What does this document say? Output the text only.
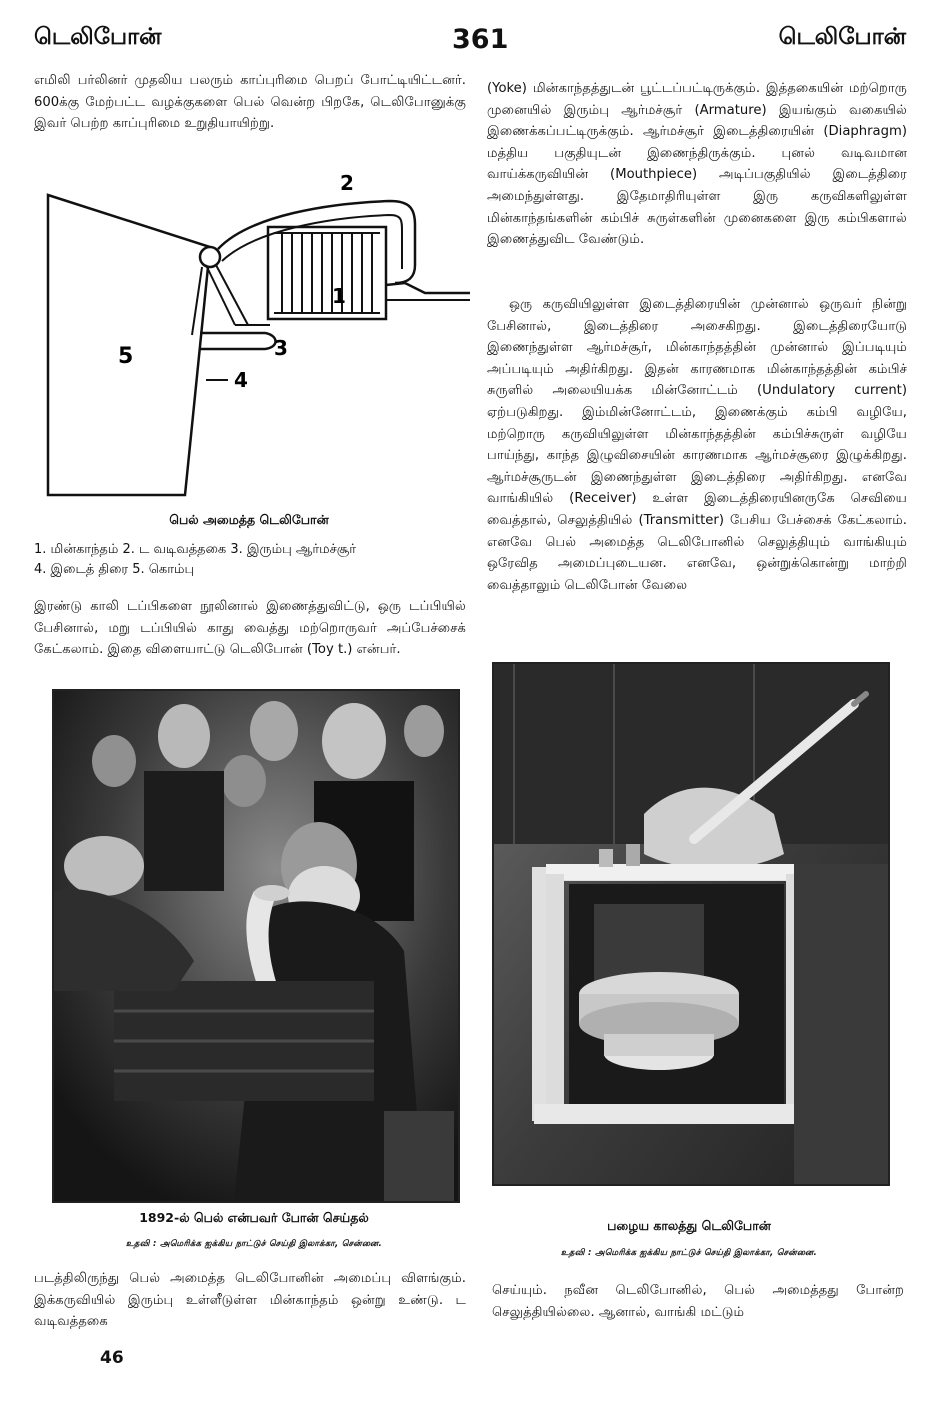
டெலிபோன்	361	டெலிபோன்

எமிலி பர்லினர் முதலிய பலரும் காப்புரிமை பெறப் போட்டியிட்டனர். 600க்கு மேற்பட்ட வழக்குகளை பெல் வென்ற பிறகே, டெலிபோனுக்கு இவர் பெற்ற காப்புரிமை உறுதியாயிற்று.

2
1
3
4
5
பெல் அமைத்த டெலிபோன்
1. மின்காந்தம் 2. ட வடிவத்தகை 3. இரும்பு ஆர்மச்சூர்
4. இடைத் திரை 5. கொம்பு

இரண்டு காலி டப்பிகளை நூலினால் இணைத்துவிட்டு, ஒரு டப்பியில் பேசினால், மறு டப்பியில் காது வைத்து மற்றொருவர் அப்பேச்சைக் கேட்கலாம். இதை விளையாட்டு டெலிபோன் (Toy t.) என்பர்.

1892-ல் பெல் என்பவர் போன் செய்தல்
உதவி : அமெரிக்க ஐக்கிய நாட்டுச் செய்தி இலாக்கா, சென்னை.

படத்திலிருந்து பெல் அமைத்த டெலிபோனின் அமைப்பு விளங்கும். இக்கருவியில் இரும்பு உள்ளீடுள்ள மின்காந்தம் ஒன்று உண்டு. ட வடிவத்தகை

(Yoke) மின்காந்தத்துடன் பூட்டப்பட்டிருக்கும். இத்தகையின் மற்றொரு முனையில் இரும்பு ஆர்மச்சூர் (Armature) இயங்கும் வகையில் இணைக்கப்பட்டிருக்கும். ஆர்மச்சூர் இடைத்திரையின் (Diaphragm) மத்திய பகுதியுடன் இணைந்திருக்கும். புனல் வடிவமான வாய்க்கருவியின் (Mouthpiece) அடிப்பகுதியில் இடைத்திரை அமைந்துள்ளது. இதேமாதிரியுள்ள இரு கருவிகளிலுள்ள மின்காந்தங்களின் கம்பிச் சுருள்களின் முனைகளை இரு கம்பிகளால் இணைத்துவிட வேண்டும்.

ஒரு கருவியிலுள்ள இடைத்திரையின் முன்னால் ஒருவர் நின்று பேசினால், இடைத்திரை அசைகிறது. இடைத்திரையோடு இணைந்துள்ள ஆர்மச்சூர், மின்காந்தத்தின் முன்னால் இப்படியும் அப்படியும் அதிர்கிறது. இதன் காரணமாக மின்காந்தத்தின் கம்பிச் சுருளில் அலையியக்க மின்னோட்டம் (Undulatory current) ஏற்படுகிறது. இம்மின்னோட்டம், இணைக்கும் கம்பி வழியே, மற்றொரு கருவியிலுள்ள மின்காந்தத்தின் கம்பிச்சுருள் வழியே பாய்ந்து, காந்த இழுவிசையின் காரணமாக ஆர்மச்சூரை இழுக்கிறது. ஆர்மச்சூருடன் இணைந்துள்ள இடைத்திரை அதிர்கிறது. எனவே வாங்கியில் (Receiver) உள்ள இடைத்திரையினருகே செவியை வைத்தால், செலுத்தியில் (Transmitter) பேசிய பேச்சைக் கேட்கலாம். எனவே பெல் அமைத்த டெலிபோனில் செலுத்தியும் வாங்கியும் ஒரேவித அமைப்புடையன. எனவே, ஒன்றுக்கொன்று மாற்றி வைத்தாலும் டெலிபோன் வேலை

பழைய காலத்து டெலிபோன்
உதவி : அமெரிக்க ஐக்கிய நாட்டுச் செய்தி இலாக்கா, சென்னை.

செய்யும். நவீன டெலிபோனில், பெல் அமைத்தது போன்ற செலுத்தியில்லை. ஆனால், வாங்கி மட்டும்

46
